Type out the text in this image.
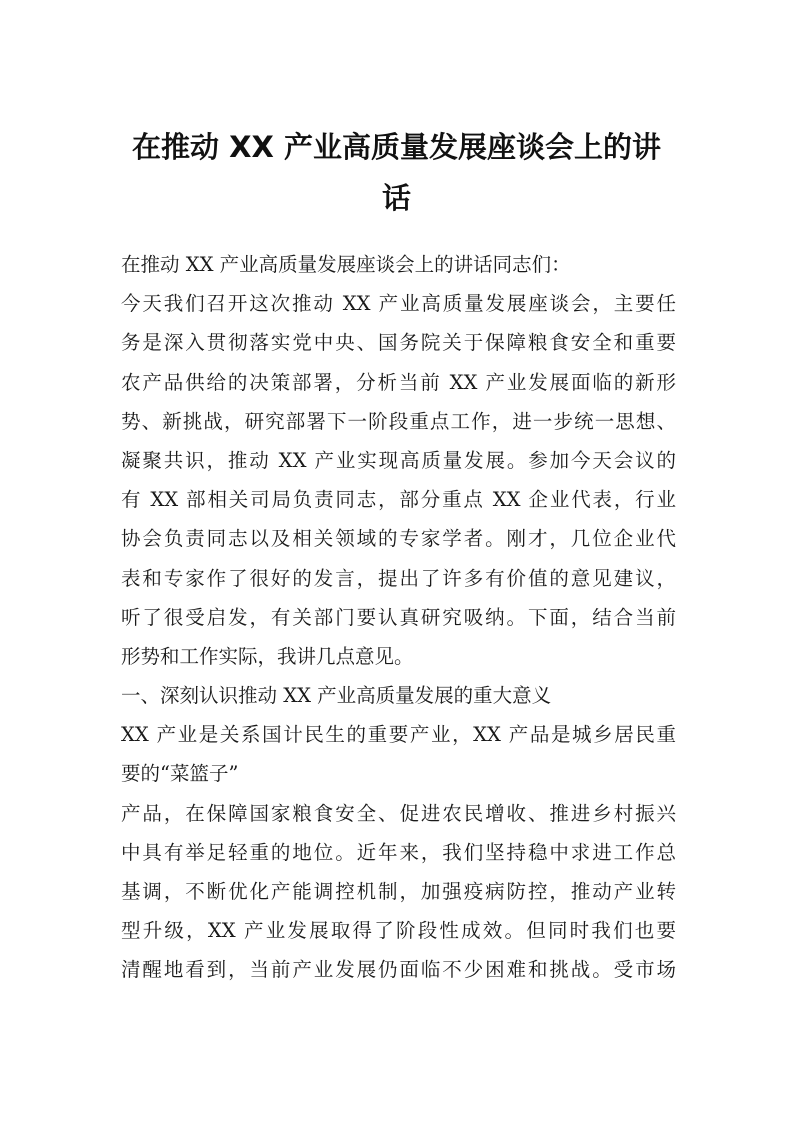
在推动 XX 产业高质量发展座谈会上的讲
话
在推动 XX 产业高质量发展座谈会上的讲话同志们：
今天我们召开这次推动 XX 产业高质量发展座谈会，主要任
务是深入贯彻落实党中央、国务院关于保障粮食安全和重要
农产品供给的决策部署，分析当前 XX 产业发展面临的新形
势、新挑战，研究部署下一阶段重点工作，进一步统一思想、
凝聚共识，推动 XX 产业实现高质量发展。参加今天会议的
有 XX 部相关司局负责同志，部分重点 XX 企业代表，行业
协会负责同志以及相关领域的专家学者。刚才，几位企业代
表和专家作了很好的发言，提出了许多有价值的意见建议，
听了很受启发，有关部门要认真研究吸纳。下面，结合当前
形势和工作实际，我讲几点意见。
一、深刻认识推动 XX 产业高质量发展的重大意义
XX 产业是关系国计民生的重要产业，XX 产品是城乡居民重
要的“菜篮子”
产品，在保障国家粮食安全、促进农民增收、推进乡村振兴
中具有举足轻重的地位。近年来，我们坚持稳中求进工作总
基调，不断优化产能调控机制，加强疫病防控，推动产业转
型升级，XX 产业发展取得了阶段性成效。但同时我们也要
清醒地看到，当前产业发展仍面临不少困难和挑战。受市场
